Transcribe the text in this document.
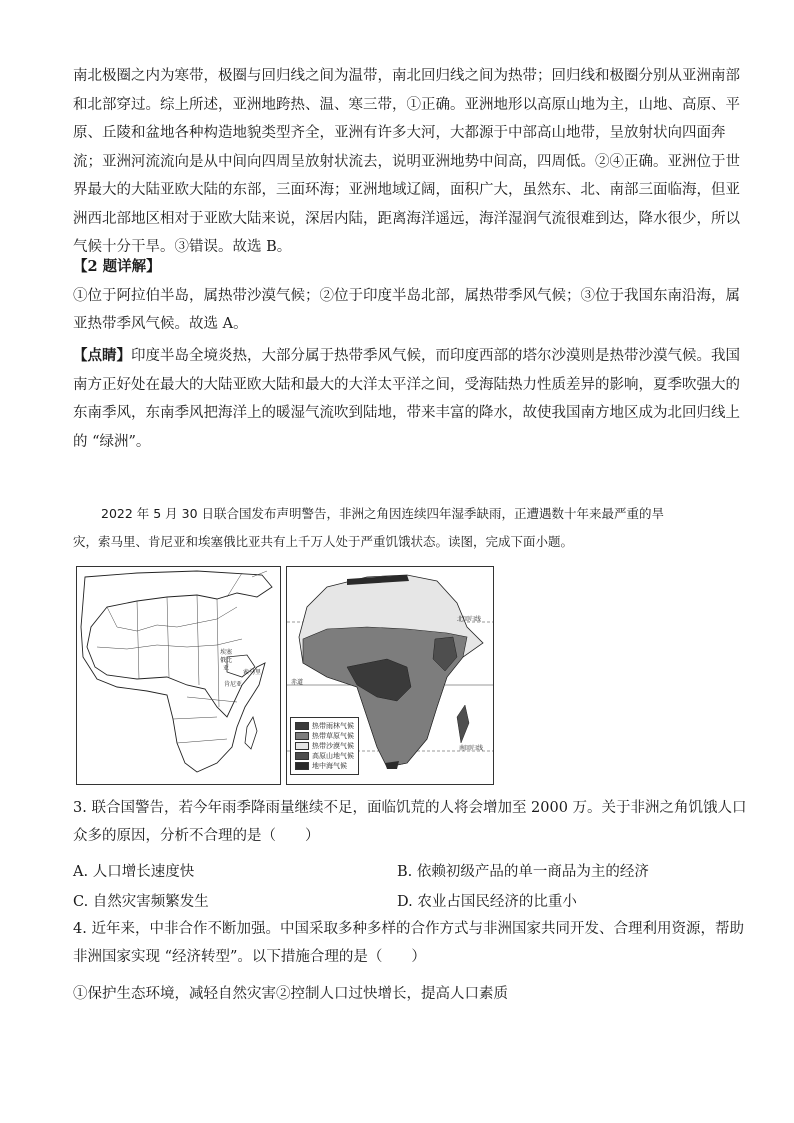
南北极圈之内为寒带，极圈与回归线之间为温带，南北回归线之间为热带；回归线和极圈分别从亚洲南部
和北部穿过。综上所述，亚洲地跨热、温、寒三带，①正确。亚洲地形以高原山地为主，山地、高原、平
原、丘陵和盆地各种构造地貌类型齐全，亚洲有许多大河，大都源于中部高山地带，呈放射状向四面奔
流；亚洲河流流向是从中间向四周呈放射状流去，说明亚洲地势中间高，四周低。②④正确。亚洲位于世
界最大的大陆亚欧大陆的东部，三面环海；亚洲地域辽阔，面积广大，虽然东、北、南部三面临海，但亚
洲西北部地区相对于亚欧大陆来说，深居内陆，距离海洋遥远，海洋湿润气流很难到达，降水很少，所以
气候十分干旱。③错误。故选 B。
【2 题详解】
①位于阿拉伯半岛，属热带沙漠气候；②位于印度半岛北部，属热带季风气候；③位于我国东南沿海，属
亚热带季风气候。故选 A。
【点睛】印度半岛全境炎热，大部分属于热带季风气候，而印度西部的塔尔沙漠则是热带沙漠气候。我国
南方正好处在最大的大陆亚欧大陆和最大的大洋太平洋之间，受海陆热力性质差异的影响，夏季吹强大的
东南季风，东南季风把海洋上的暖湿气流吹到陆地，带来丰富的降水，故使我国南方地区成为北回归线上
的 “绿洲”。
2022 年 5 月 30 日联合国发布声明警告，非洲之角因连续四年湿季缺雨，正遭遇数十年来最严重的旱
灾，索马里、肯尼亚和埃塞俄比亚共有上千万人处于严重饥饿状态。读图，完成下面小题。
埃塞
俄比
亚
索马里
肯尼亚
北回归线
赤道
南回归线
热带雨林气候
热带草原气候
热带沙漠气候
高原山地气候
地中海气候
3. 联合国警告，若今年雨季降雨量继续不足，面临饥荒的人将会增加至 2000 万。关于非洲之角饥饿人口
众多的原因，分析不合理的是（　　）
A. 人口增长速度快	B. 依赖初级产品的单一商品为主的经济
C. 自然灾害频繁发生	D. 农业占国民经济的比重小
4. 近年来，中非合作不断加强。中国采取多种多样的合作方式与非洲国家共同开发、合理利用资源，帮助
非洲国家实现 “经济转型”。以下措施合理的是（　　）
①保护生态环境，减轻自然灾害②控制人口过快增长，提高人口素质
